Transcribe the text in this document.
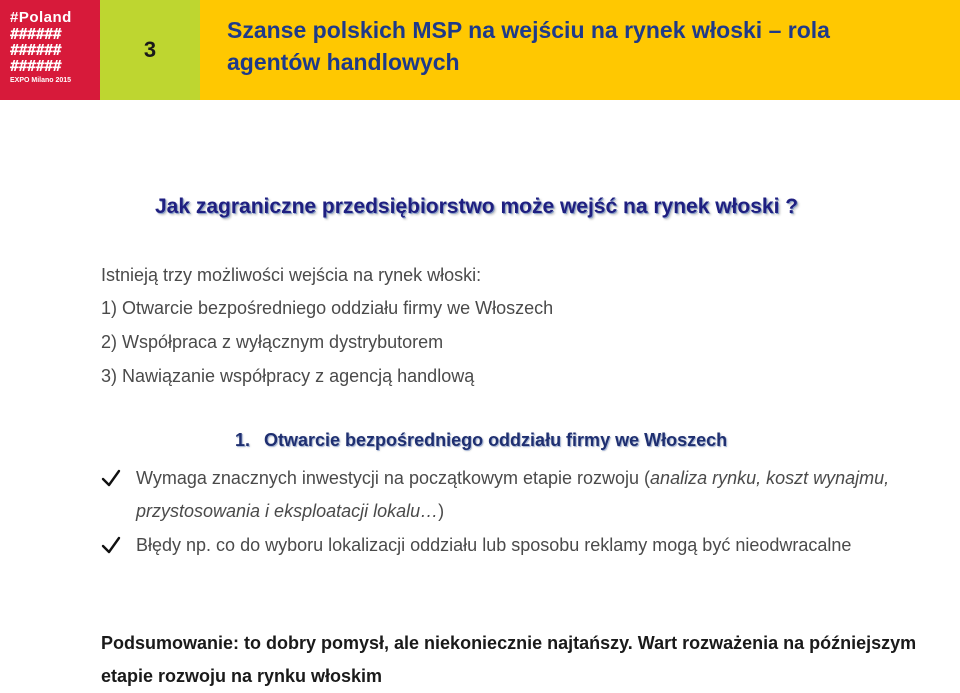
#Poland
######
######
######
EXPO Milano 2015
3
Szanse polskich MSP na wejściu na rynek włoski – rola agentów handlowych
Jak zagraniczne przedsiębiorstwo może wejść na rynek włoski ?
Istnieją trzy możliwości wejścia na rynek włoski:
1) Otwarcie bezpośredniego oddziału firmy we Włoszech
2) Współpraca z wyłącznym dystrybutorem
3) Nawiązanie współpracy z agencją handlową
1. Otwarcie bezpośredniego oddziału firmy we Włoszech
Wymaga znacznych inwestycji na początkowym etapie rozwoju (analiza rynku, koszt wynajmu, przystosowania i eksploatacji lokalu…)
Błędy np. co do wyboru lokalizacji oddziału lub sposobu reklamy mogą być nieodwracalne
Podsumowanie: to dobry pomysł, ale niekoniecznie najtańszy. Wart rozważenia na późniejszym etapie rozwoju na rynku włoskim
